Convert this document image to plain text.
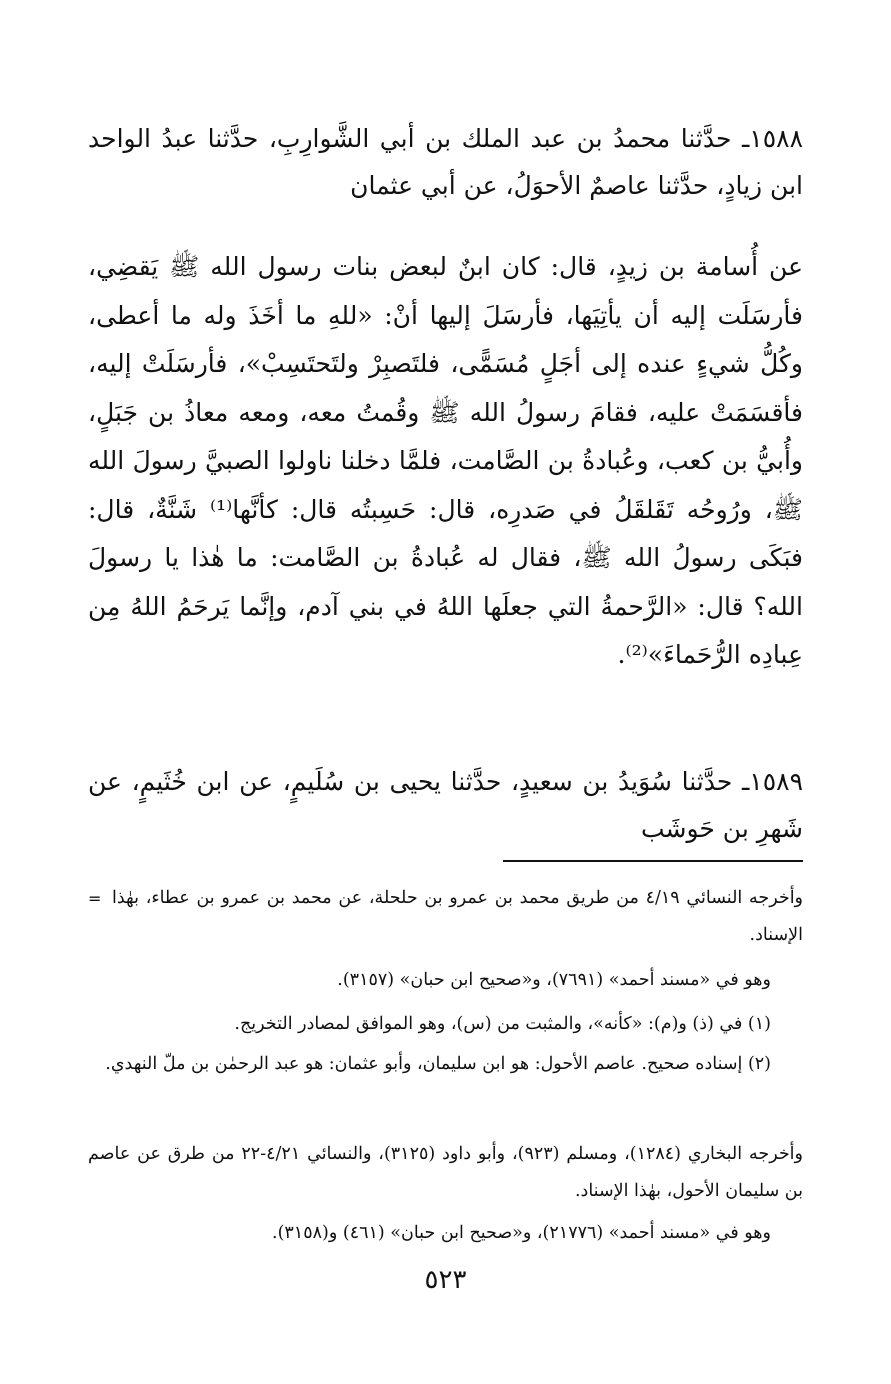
١٥٨٨ـ حدَّثنا محمدُ بن عبد الملك بن أبي الشَّوارِبِ، حدَّثنا عبدُ الواحد ابن زيادٍ، حدَّثنا عاصمٌ الأحوَلُ، عن أبي عثمان
عن أُسامة بن زيدٍ، قال: كان ابنٌ لبعض بنات رسول الله ﷺ يَقضِي، فأرسَلَت إليه أن يأتِيَها، فأرسَلَ إليها أنْ: «للهِ ما أخَذَ وله ما أعطى، وكُلُّ شيءٍ عنده إلى أجَلٍ مُسَمًّى، فلتَصبِرْ ولتَحتَسِبْ»، فأرسَلَتْ إليه، فأقسَمَتْ عليه، فقامَ رسولُ الله ﷺ وقُمتُ معه، ومعه معاذُ بن جَبَلٍ، وأُبيُّ بن كعب، وعُبادةُ بن الصَّامت، فلمَّا دخلنا ناولوا الصبيَّ رسولَ الله ﷺ، ورُوحُه تَقَلقَلُ في صَدرِه، قال: حَسِبتُه قال: كأنَّها⁽¹⁾ شَنَّةٌ، قال: فبَكَى رسولُ الله ﷺ، فقال له عُبادةُ بن الصَّامت: ما هٰذا يا رسولَ الله؟ قال: «الرَّحمةُ التي جعلَها اللهُ في بني آدم، وإنَّما يَرحَمُ اللهُ مِن عِبادِه الرُّحَماءَ»⁽²⁾.
١٥٨٩ـ حدَّثنا سُوَيدُ بن سعيدٍ، حدَّثنا يحيى بن سُلَيمٍ، عن ابن خُثَيمٍ، عن شَهرِ بن حَوشَب
= وأخرجه النسائي ٤/١٩ من طريق محمد بن عمرو بن حلحلة، عن محمد بن عمرو بن عطاء، بهٰذا الإسناد.
وهو في «مسند أحمد» (٧٦٩١)، و«صحيح ابن حبان» (٣١٥٧).
(١) في (ذ) و(م): «كأنه»، والمثبت من (س)، وهو الموافق لمصادر التخريج.
(٢) إسناده صحيح. عاصم الأحول: هو ابن سليمان، وأبو عثمان: هو عبد الرحمٰن بن ملّ النهدي.
وأخرجه البخاري (١٢٨٤)، ومسلم (٩٢٣)، وأبو داود (٣١٢٥)، والنسائي ٤/٢١-٢٢ من طرق عن عاصم بن سليمان الأحول، بهٰذا الإسناد.
وهو في «مسند أحمد» (٢١٧٧٦)، و«صحيح ابن حبان» (٤٦١) و(٣١٥٨).
٥٢٣
